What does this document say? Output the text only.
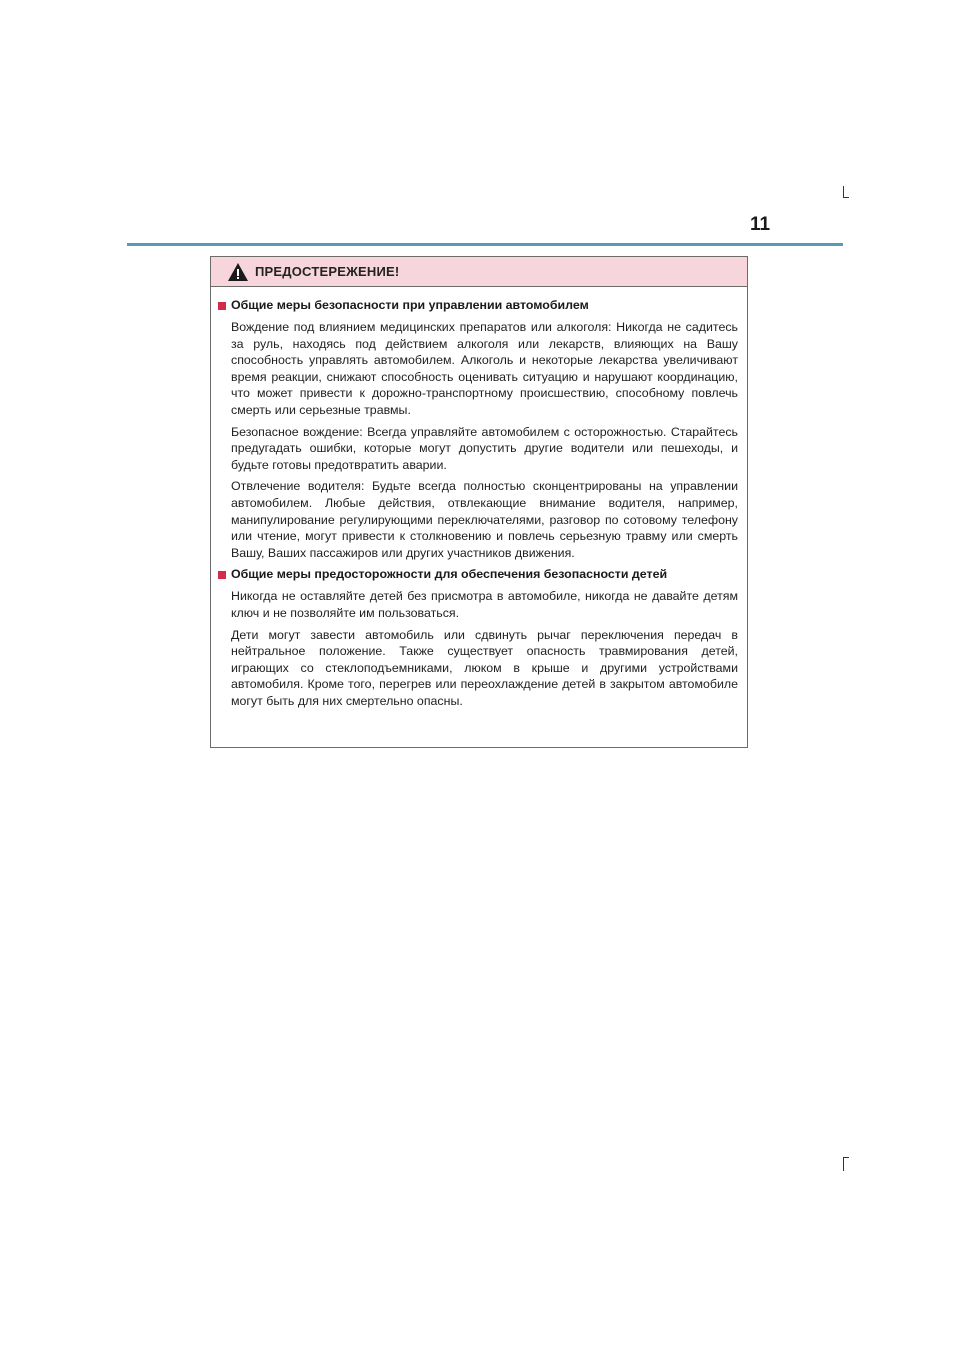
11
ПРЕДОСТЕРЕЖЕНИЕ!
Общие меры безопасности при управлении автомобилем

Вождение под влиянием медицинских препаратов или алкоголя: Никогда не садитесь за руль, находясь под действием алкоголя или лекарств, влияющих на Вашу способность управлять автомобилем. Алкоголь и некоторые лекарства увеличивают время реакции, снижают способность оценивать ситуацию и нарушают координацию, что может привести к дорожно-транспортному происшествию, способному повлечь смерть или серьезные травмы.

Безопасное вождение: Всегда управляйте автомобилем с осторожностью. Старайтесь предугадать ошибки, которые могут допустить другие водители или пешеходы, и будьте готовы предотвратить аварии.

Отвлечение водителя: Будьте всегда полностью сконцентрированы на управлении автомобилем. Любые действия, отвлекающие внимание водителя, например, манипулирование регулирующими переключателями, разговор по сотовому телефону или чтение, могут привести к столкновению и повлечь серьезную травму или смерть Вашу, Ваших пассажиров или других участников движения.

Общие меры предосторожности для обеспечения безопасности детей

Никогда не оставляйте детей без присмотра в автомобиле, никогда не давайте детям ключ и не позволяйте им пользоваться.

Дети могут завести автомобиль или сдвинуть рычаг переключения передач в нейтральное положение. Также существует опасность травмирования детей, играющих со стеклоподъемниками, люком в крыше и другими устройствами автомобиля. Кроме того, перегрев или переохлаждение детей в закрытом автомобиле могут быть для них смертельно опасны.
